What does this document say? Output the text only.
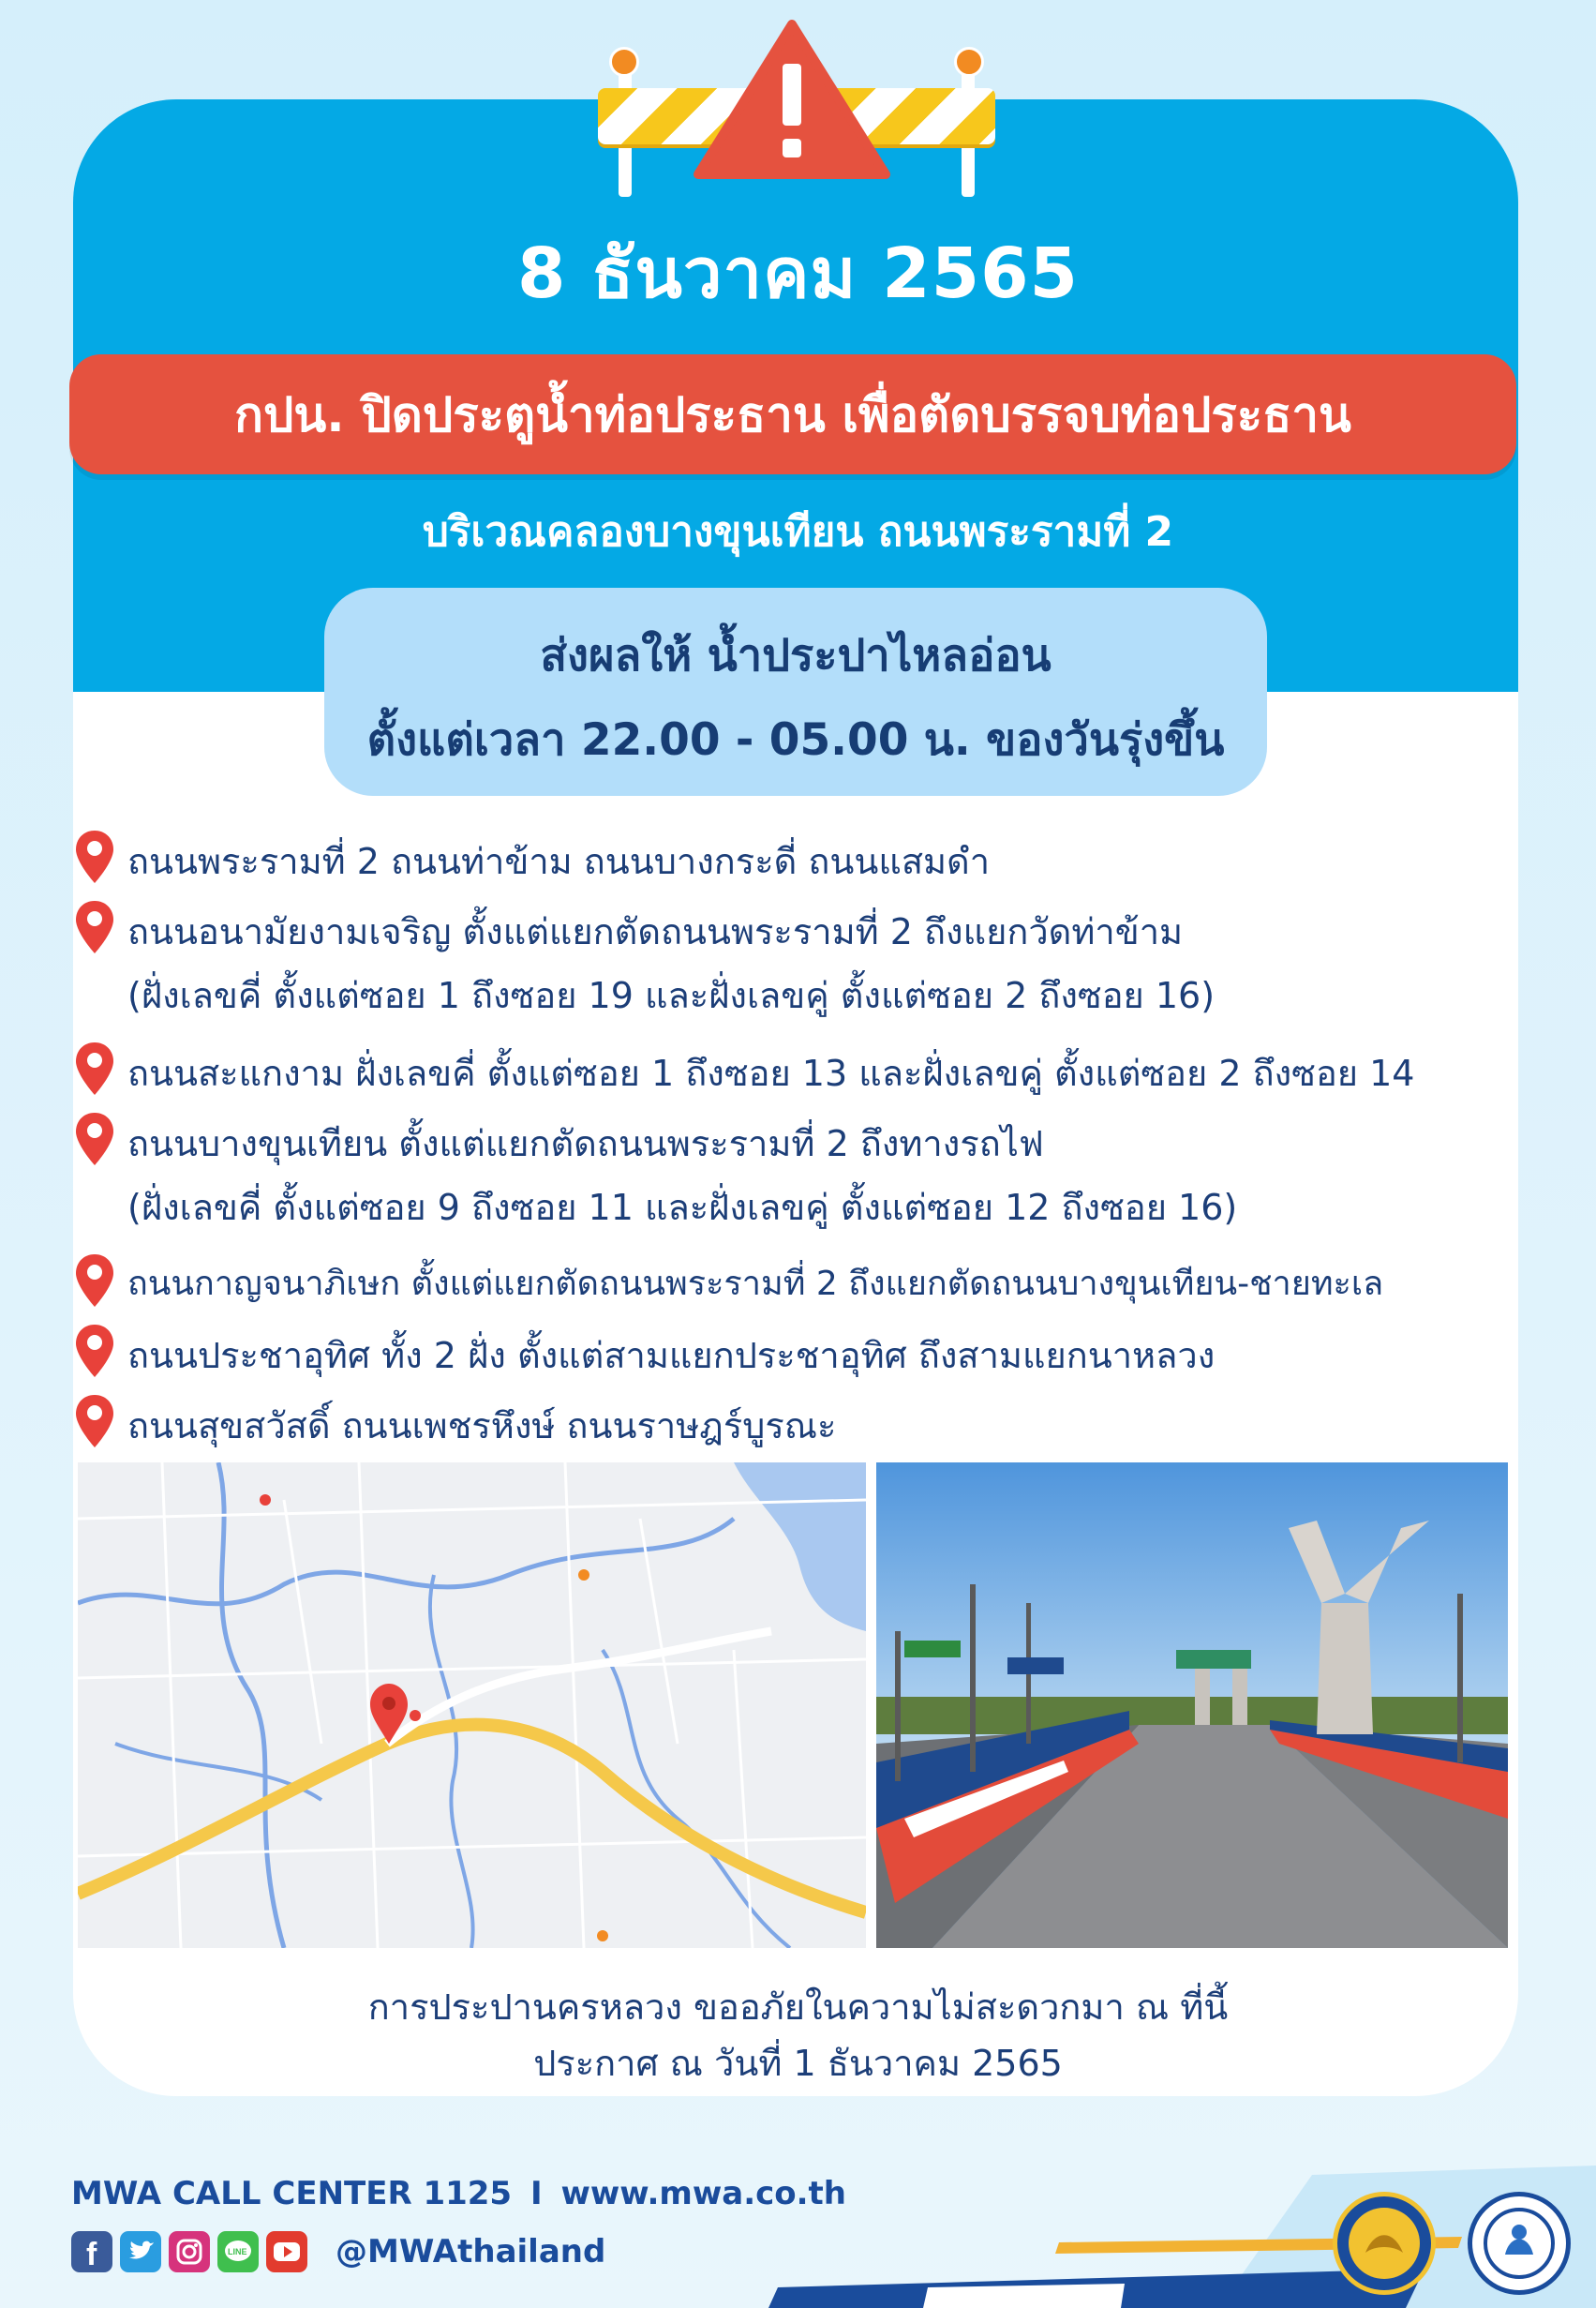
8 ธันวาคม 2565
กปน. ปิดประตูน้ำท่อประธาน เพื่อตัดบรรจบท่อประธาน
บริเวณคลองบางขุนเทียน ถนนพระรามที่ 2
ส่งผลให้ น้ำประปาไหลอ่อน
ตั้งแต่เวลา 22.00 - 05.00 น. ของวันรุ่งขึ้น
ถนนพระรามที่ 2 ถนนท่าข้าม ถนนบางกระดี่ ถนนแสมดำ
ถนนอนามัยงามเจริญ ตั้งแต่แยกตัดถนนพระรามที่ 2 ถึงแยกวัดท่าข้าม
(ฝั่งเลขคี่ ตั้งแต่ซอย 1 ถึงซอย 19 และฝั่งเลขคู่ ตั้งแต่ซอย 2 ถึงซอย 16)
ถนนสะแกงาม ฝั่งเลขคี่ ตั้งแต่ซอย 1 ถึงซอย 13 และฝั่งเลขคู่ ตั้งแต่ซอย 2 ถึงซอย 14
ถนนบางขุนเทียน ตั้งแต่แยกตัดถนนพระรามที่ 2 ถึงทางรถไฟ
(ฝั่งเลขคี่ ตั้งแต่ซอย 9 ถึงซอย 11 และฝั่งเลขคู่ ตั้งแต่ซอย 12 ถึงซอย 16)
ถนนกาญจนาภิเษก ตั้งแต่แยกตัดถนนพระรามที่ 2 ถึงแยกตัดถนนบางขุนเทียน-ชายทะเล
ถนนประชาอุทิศ ทั้ง 2 ฝั่ง ตั้งแต่สามแยกประชาอุทิศ ถึงสามแยกนาหลวง
ถนนสุขสวัสดิ์ ถนนเพชรหึงษ์ ถนนราษฎร์บูรณะ
การประปานครหลวง ขออภัยในความไม่สะดวกมา ณ ที่นี้
ประกาศ ณ วันที่ 1 ธันวาคม 2565
MWA CALL CENTER 1125 I www.mwa.co.th
f	LINE	@MWAthailand
